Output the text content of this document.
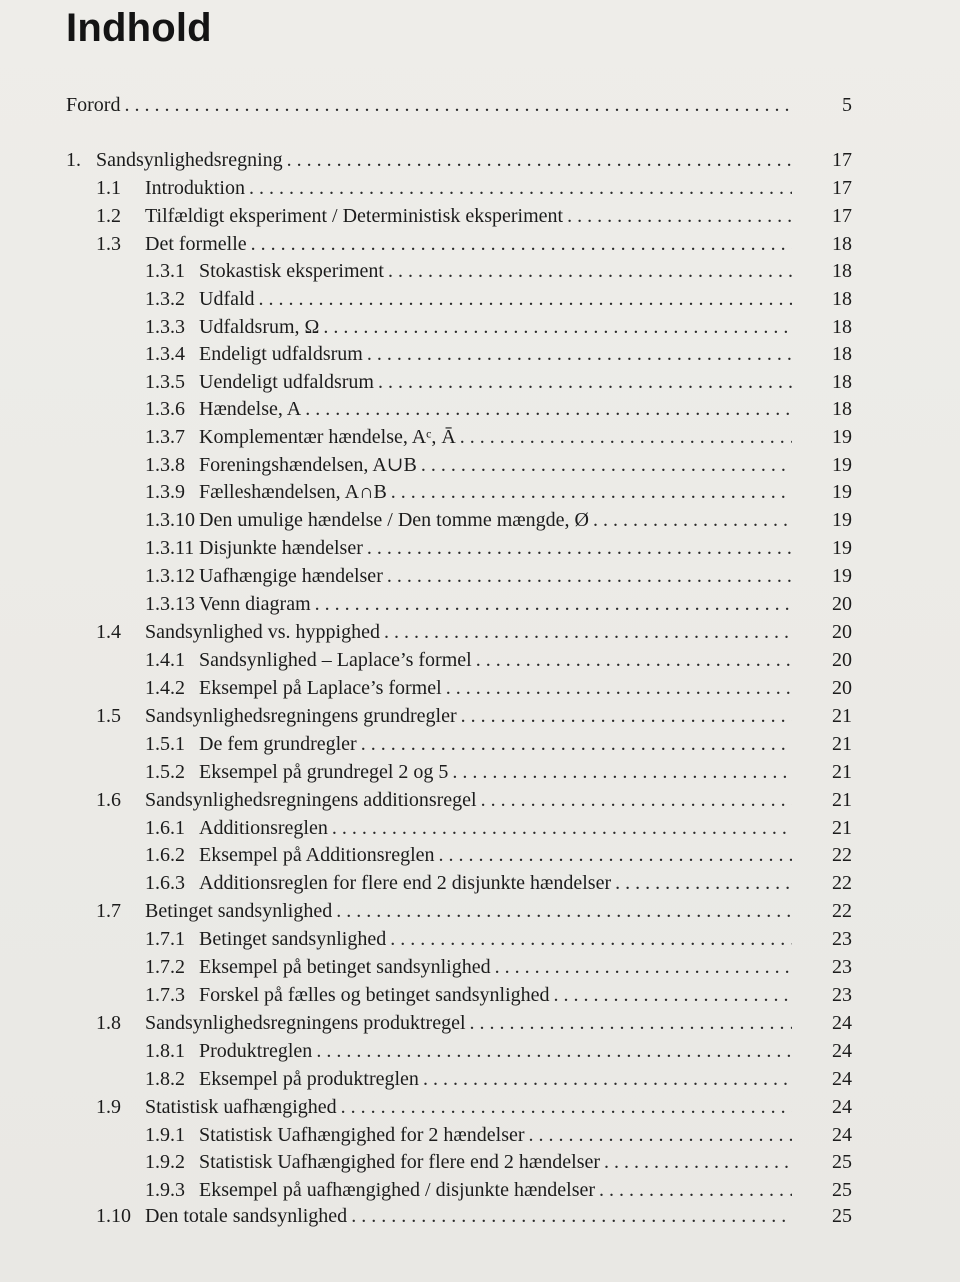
Indhold
Forord . . .	5
1. Sandsynlighedsregning . . .	17
1.1	Introduktion . . .	17
1.2	Tilfældigt eksperiment / Deterministisk eksperiment . . .	17
1.3	Det formelle . . .	18
1.3.1 Stokastisk eksperiment . . .	18
1.3.2 Udfald . . .	18
1.3.3 Udfaldsrum, Ω . . .	18
1.3.4 Endeligt udfaldsrum . . .	18
1.3.5 Uendeligt udfaldsrum . . .	18
1.3.6 Hændelse, A . . .	18
1.3.7 Komplementær hændelse, Aᶜ, Ā . . .	19
1.3.8 Foreningshændelsen, A∪B . . .	19
1.3.9 Fælleshændelsen, A∩B . . .	19
1.3.10 Den umulige hændelse / Den tomme mængde, Ø . . .	19
1.3.11 Disjunkte hændelser . . .	19
1.3.12 Uafhængige hændelser . . .	19
1.3.13 Venn diagram . . .	20
1.4	Sandsynlighed vs. hyppighed . . .	20
1.4.1 Sandsynlighed – Laplace’s formel . . .	20
1.4.2 Eksempel på Laplace’s formel . . .	20
1.5	Sandsynlighedsregningens grundregler . . .	21
1.5.1 De fem grundregler . . .	21
1.5.2 Eksempel på grundregel 2 og 5 . . .	21
1.6	Sandsynlighedsregningens additionsregel . . .	21
1.6.1 Additionsreglen . . .	21
1.6.2 Eksempel på Additionsreglen . . .	22
1.6.3 Additionsreglen for flere end 2 disjunkte hændelser . . .	22
1.7	Betinget sandsynlighed . . .	22
1.7.1 Betinget sandsynlighed . . .	23
1.7.2 Eksempel på betinget sandsynlighed . . .	23
1.7.3 Forskel på fælles og betinget sandsynlighed . . .	23
1.8	Sandsynlighedsregningens produktregel . . .	24
1.8.1 Produktreglen . . .	24
1.8.2 Eksempel på produktreglen . . .	24
1.9	Statistisk uafhængighed . . .	24
1.9.1 Statistisk Uafhængighed for 2 hændelser . . .	24
1.9.2 Statistisk Uafhængighed for flere end 2 hændelser . . .	25
1.9.3 Eksempel på uafhængighed / disjunkte hændelser . . .	25
1.10 Den totale sandsynlighed . . .	25
